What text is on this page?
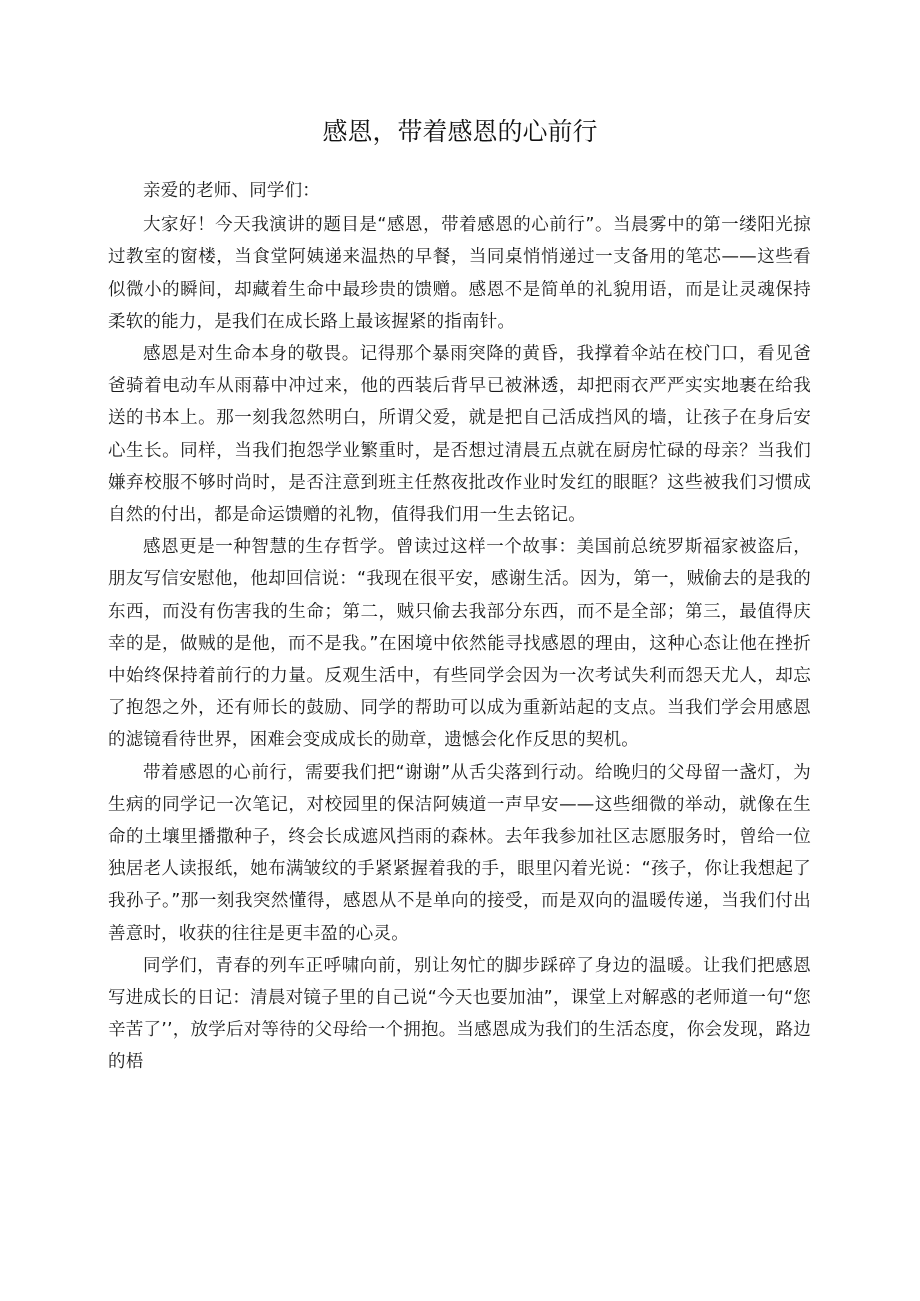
感恩，带着感恩的心前行

亲爱的老师、同学们：

大家好！今天我演讲的题目是“感恩，带着感恩的心前行”。当晨雾中的第一缕阳光掠过教室的窗楼，当食堂阿姨递来温热的早餐，当同桌悄悄递过一支备用的笔芯——这些看似微小的瞬间，却藏着生命中最珍贵的馈赠。感恩不是简单的礼貌用语，而是让灵魂保持柔软的能力，是我们在成长路上最该握紧的指南针。

感恩是对生命本身的敬畏。记得那个暴雨突降的黄昏，我撑着伞站在校门口，看见爸爸骑着电动车从雨幕中冲过来，他的西装后背早已被淋透，却把雨衣严严实实地裹在给我送的书本上。那一刻我忽然明白，所谓父爱，就是把自己活成挡风的墙，让孩子在身后安心生长。同样，当我们抱怨学业繁重时，是否想过清晨五点就在厨房忙碌的母亲？当我们嫌弃校服不够时尚时，是否注意到班主任熬夜批改作业时发红的眼眶？这些被我们习惯成自然的付出，都是命运馈赠的礼物，值得我们用一生去铭记。

感恩更是一种智慧的生存哲学。曾读过这样一个故事：美国前总统罗斯福家被盗后，朋友写信安慰他，他却回信说：“我现在很平安，感谢生活。因为，第一，贼偷去的是我的东西，而没有伤害我的生命；第二，贼只偷去我部分东西，而不是全部；第三，最值得庆幸的是，做贼的是他，而不是我。”在困境中依然能寻找感恩的理由，这种心态让他在挫折中始终保持着前行的力量。反观生活中，有些同学会因为一次考试失利而怨天尤人，却忘了抱怨之外，还有师长的鼓励、同学的帮助可以成为重新站起的支点。当我们学会用感恩的滤镜看待世界，困难会变成成长的勋章，遗憾会化作反思的契机。

带着感恩的心前行，需要我们把“谢谢”从舌尖落到行动。给晚归的父母留一盏灯，为生病的同学记一次笔记，对校园里的保洁阿姨道一声早安——这些细微的举动，就像在生命的土壤里播撒种子，终会长成遮风挡雨的森林。去年我参加社区志愿服务时，曾给一位独居老人读报纸，她布满皱纹的手紧紧握着我的手，眼里闪着光说：“孩子，你让我想起了我孙子。”那一刻我突然懂得，感恩从不是单向的接受，而是双向的温暖传递，当我们付出善意时，收获的往往是更丰盈的心灵。

同学们，青春的列车正呼啸向前，别让匆忙的脚步踩碎了身边的温暖。让我们把感恩写进成长的日记：清晨对镜子里的自己说“今天也要加油”，课堂上对解惑的老师道一句“您辛苦了’’，放学后对等待的父母给一个拥抱。当感恩成为我们的生活态度，你会发现，路边的梧
